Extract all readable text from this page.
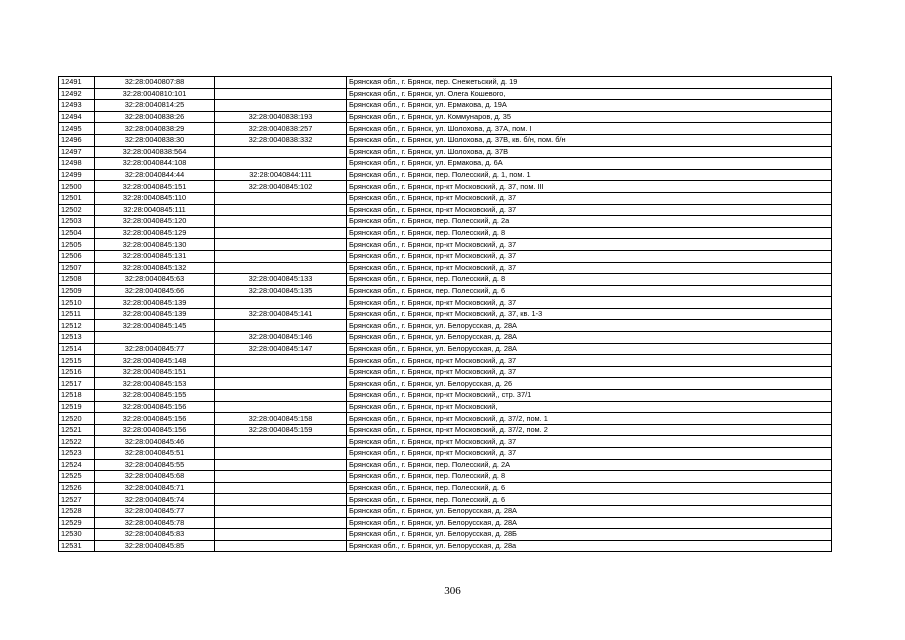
12491	32:28:0040807:88		Брянская обл., г. Брянск, пер. Снежетьский, д. 19
12492	32:28:0040810:101		Брянская обл., г. Брянск, ул. Олега Кошевого,
12493	32:28:0040814:25		Брянская обл., г. Брянск, ул. Ермакова, д. 19А
12494	32:28:0040838:26	32:28:0040838:193	Брянская обл., г. Брянск, ул. Коммунаров, д. 35
12495	32:28:0040838:29	32:28:0040838:257	Брянская обл., г. Брянск, ул. Шолохова, д. 37А, пом. I
12496	32:28:0040838:30	32:28:0040838:332	Брянская обл., г. Брянск, ул. Шолохова, д. 37В, кв. б/н, пом. б/н
12497	32:28:0040838:564		Брянская обл., г. Брянск, ул. Шолохова, д. 37В
12498	32:28:0040844:108		Брянская обл., г. Брянск, ул. Ермакова, д. 6А
12499	32:28:0040844:44	32:28:0040844:111	Брянская обл., г. Брянск, пер. Полесский, д. 1, пом. 1
12500	32:28:0040845:151	32:28:0040845:102	Брянская обл., г. Брянск, пр-кт Московский, д. 37, пом. III
12501	32:28:0040845:110		Брянская обл., г. Брянск, пр-кт Московский, д. 37
12502	32:28:0040845:111		Брянская обл., г. Брянск, пр-кт Московский, д. 37
12503	32:28:0040845:120		Брянская обл., г. Брянск, пер. Полесский, д. 2а
12504	32:28:0040845:129		Брянская обл., г. Брянск, пер. Полесский, д. 8
12505	32:28:0040845:130		Брянская обл., г. Брянск, пр-кт Московский, д. 37
12506	32:28:0040845:131		Брянская обл., г. Брянск, пр-кт Московский, д. 37
12507	32:28:0040845:132		Брянская обл., г. Брянск, пр-кт Московский, д. 37
12508	32:28:0040845:63	32:28:0040845:133	Брянская обл., г. Брянск, пер. Полесский, д. 8
12509	32:28:0040845:66	32:28:0040845:135	Брянская обл., г. Брянск, пер. Полесский, д. 6
12510	32:28:0040845:139		Брянская обл., г. Брянск, пр-кт Московский, д. 37
12511	32:28:0040845:139	32:28:0040845:141	Брянская обл., г. Брянск, пр-кт Московский, д. 37, кв. 1-3
12512	32:28:0040845:145		Брянская обл., г. Брянск, ул. Белорусская, д. 28А
12513		32:28:0040845:146	Брянская обл., г. Брянск, ул. Белорусская, д. 28А
12514	32:28:0040845:77	32:28:0040845:147	Брянская обл., г. Брянск, ул. Белорусская, д. 28А
12515	32:28:0040845:148		Брянская обл., г. Брянск, пр-кт Московский, д. 37
12516	32:28:0040845:151		Брянская обл., г. Брянск, пр-кт Московский, д. 37
12517	32:28:0040845:153		Брянская обл., г. Брянск, ул. Белорусская, д. 26
12518	32:28:0040845:155		Брянская обл., г. Брянск, пр-кт Московский,, стр. 37/1
12519	32:28:0040845:156		Брянская обл., г. Брянск, пр-кт Московский,
12520	32:28:0040845:156	32:28:0040845:158	Брянская обл., г. Брянск, пр-кт Московский, д. 37/2, пом. 1
12521	32:28:0040845:156	32:28:0040845:159	Брянская обл., г. Брянск, пр-кт Московский, д. 37/2, пом. 2
12522	32:28:0040845:46		Брянская обл., г. Брянск, пр-кт Московский, д. 37
12523	32:28:0040845:51		Брянская обл., г. Брянск, пр-кт Московский, д. 37
12524	32:28:0040845:55		Брянская обл., г. Брянск, пер. Полесский, д. 2А
12525	32:28:0040845:68		Брянская обл., г. Брянск, пер. Полесский, д. 8
12526	32:28:0040845:71		Брянская обл., г. Брянск, пер. Полесский, д. 6
12527	32:28:0040845:74		Брянская обл., г. Брянск, пер. Полесский, д. 6
12528	32:28:0040845:77		Брянская обл., г. Брянск, ул. Белорусская, д. 28А
12529	32:28:0040845:78		Брянская обл., г. Брянск, ул. Белорусская, д. 28А
12530	32:28:0040845:83		Брянская обл., г. Брянск, ул. Белорусская, д. 28Б
12531	32:28:0040845:85		Брянская обл., г. Брянск, ул. Белорусская, д. 28а
306
